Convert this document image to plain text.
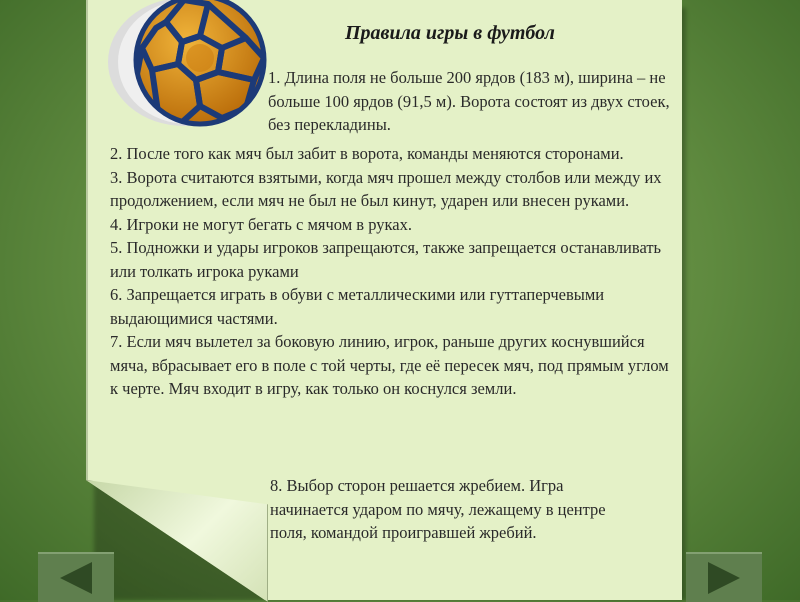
Правила игры в футбол

1. Длина поля не больше 200 ярдов (183 м), ширина – не больше 100 ярдов (91,5 м). Ворота состоят из двух стоек, без перекладины.

2. После того как мяч был забит в ворота, команды меняются сторонами.

3. Ворота считаются взятыми, когда мяч прошел между столбов или между их продолжением, если мяч не был не был кинут, ударен или внесен руками.

4. Игроки не могут бегать с мячом в руках.

5. Подножки и удары игроков запрещаются, также запрещается останавливать или толкать игрока руками

6. Запрещается играть в обуви с металлическими или гуттаперчевыми выдающимися частями.

7. Если мяч вылетел за боковую линию, игрок, раньше других коснувшийся мяча, вбрасывает его в поле с той черты, где её пересек мяч, под прямым углом к черте. Мяч входит в игру, как только он коснулся земли.

8. Выбор сторон решается жребием. Игра начинается ударом по мячу, лежащему в центре поля, командой проигравшей жребий.
